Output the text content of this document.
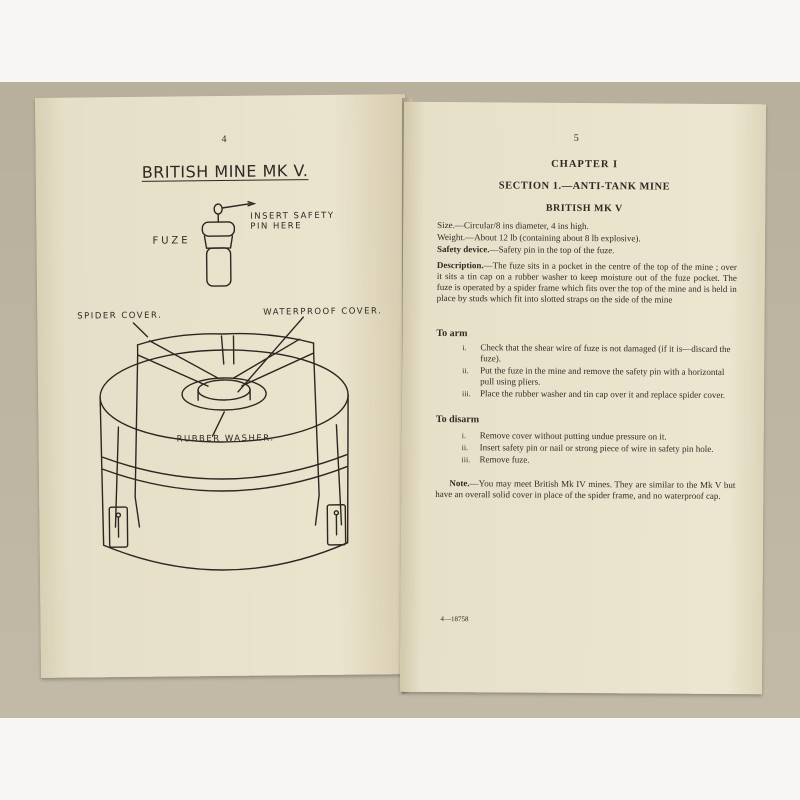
4
BRITISH MINE MK V.
FUZE
INSERT SAFETY PIN HERE
SPIDER COVER.	WATERPROOF COVER.
RUBBER WASHER.
5
CHAPTER I
SECTION 1.—ANTI-TANK MINE
BRITISH MK V
Size.—Circular/8 ins diameter, 4 ins high.
Weight.—About 12 lb (containing about 8 lb explosive).
Safety device.—Safety pin in the top of the fuze.
Description.—The fuze sits in a pocket in the centre of the top of the mine ; over it sits a tin cap on a rubber washer to keep moisture out of the fuze pocket. The fuze is operated by a spider frame which fits over the top of the mine and is held in place by studs which fit into slotted straps on the side of the mine
To arm
i. Check that the shear wire of fuze is not damaged (if it is—discard the fuze).
ii. Put the fuze in the mine and remove the safety pin with a horizontal pull using pliers.
iii. Place the rubber washer and tin cap over it and replace spider cover.
To disarm
i. Remove cover without putting undue pressure on it.
ii. Insert safety pin or nail or strong piece of wire in safety pin hole.
iii. Remove fuze.
Note.—You may meet British Mk IV mines. They are similar to the Mk V but have an overall solid cover in place of the spider frame, and no waterproof cap.
4—18758
